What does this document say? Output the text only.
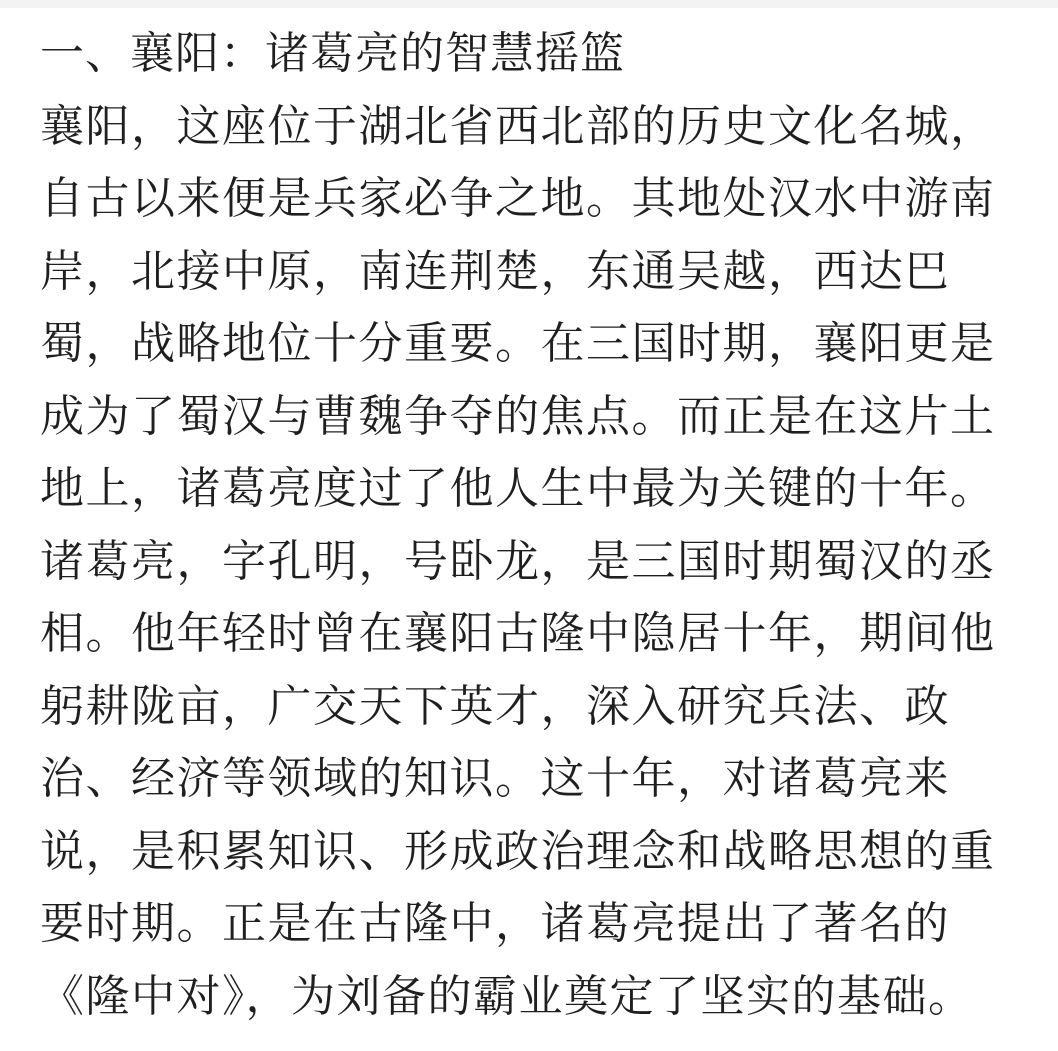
一、襄阳：诸葛亮的智慧摇篮
襄阳，这座位于湖北省西北部的历史文化名城，
自古以来便是兵家必争之地。其地处汉水中游南
岸，北接中原，南连荆楚，东通吴越，西达巴
蜀，战略地位十分重要。在三国时期，襄阳更是
成为了蜀汉与曹魏争夺的焦点。而正是在这片土
地上，诸葛亮度过了他人生中最为关键的十年。
诸葛亮，字孔明，号卧龙，是三国时期蜀汉的丞
相。他年轻时曾在襄阳古隆中隐居十年，期间他
躬耕陇亩，广交天下英才，深入研究兵法、政
治、经济等领域的知识。这十年，对诸葛亮来
说，是积累知识、形成政治理念和战略思想的重
要时期。正是在古隆中，诸葛亮提出了著名的
《隆中对》，为刘备的霸业奠定了坚实的基础。
